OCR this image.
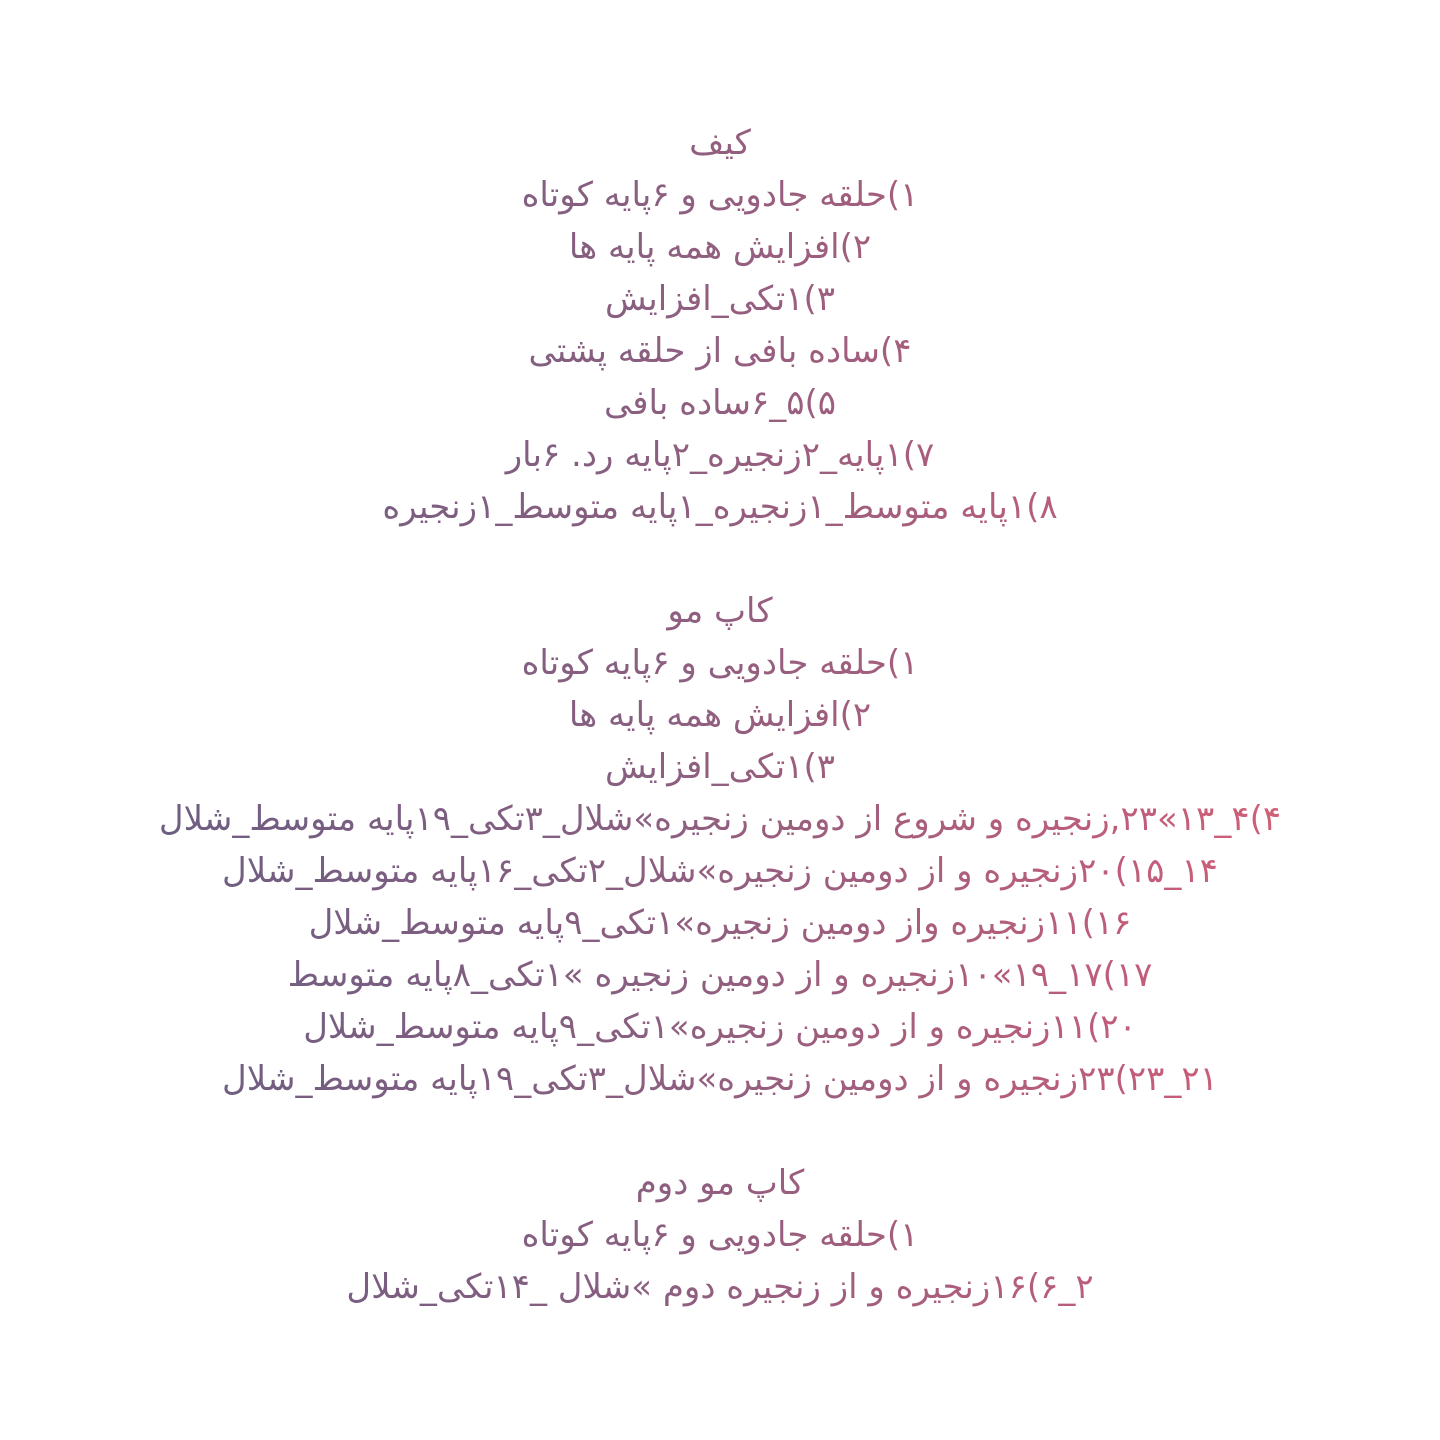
کیف
۱)حلقه جادویی و ۶پایه کوتاه
۲)افزایش همه پایه ها
۳)۱تکی_افزایش
۴)ساده بافی از حلقه پشتی
۵)۵_۶ساده بافی
۷)۱پایه_۲زنجیره_۲پایه رد. ۶بار
۸)۱پایه متوسط_۱زنجیره_۱پایه متوسط_۱زنجیره
کاپ مو
۱)حلقه جادویی و ۶پایه کوتاه
۲)افزایش همه پایه ها
۳)۱تکی_افزایش
۴)۴_۱۳»۲۳,زنجیره و شروع از دومین زنجیره»شلال_۳تکی_۱۹پایه متوسط_شلال
۱۴_۱۵)۲۰زنجیره و از دومین زنجیره»شلال_۲تکی_۱۶پایه متوسط_شلال
۱۶)۱۱زنجیره واز دومین زنجیره»۱تکی_۹پایه متوسط_شلال
۱۷)۱۷_۱۹»۱۰زنجیره و از دومین زنجیره »۱تکی_۸پایه متوسط
۲۰)۱۱زنجیره و از دومین زنجیره»۱تکی_۹پایه متوسط_شلال
۲۱_۲۳)۲۳زنجیره و از دومین زنجیره»شلال_۳تکی_۱۹پایه متوسط_شلال
کاپ مو دوم
۱)حلقه جادویی و ۶پایه کوتاه
۲_۶)۱۶زنجیره و از زنجیره دوم »شلال _۱۴تکی_شلال
